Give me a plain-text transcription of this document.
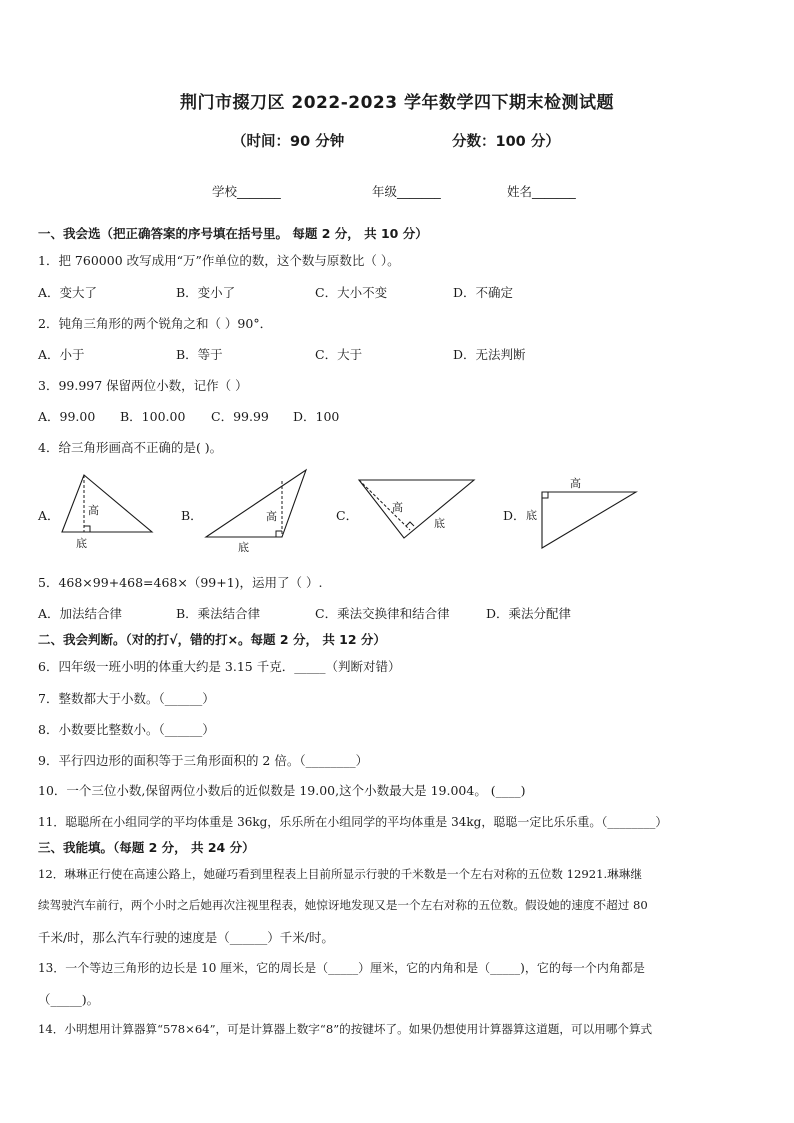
荆门市掇刀区 2022-2023 学年数学四下期末检测试题
（时间：90 分钟	分数：100 分）
学校_______	年级_______	姓名_______
一、我会选（把正确答案的序号填在括号里。 每题 2 分， 共 10 分）
1．把 760000 改写成用“万”作单位的数，这个数与原数比（ ）。
A．变大了	B．变小了	C．大小不变	D．不确定
2．钝角三角形的两个锐角之和（ ）90°．
A．小于	B．等于	C．大于	D．无法判断
3．99.997 保留两位小数，记作（ ）
A．99.00 B．100.00 C．99.99 D．100
4．给三角形画高不正确的是( )。
A．	高
底
B．	高
底
C．
高
底
D．
高
底
5．468×99+468=468×（99+1)，运用了（ ）.
A．加法结合律	B．乘法结合律	C．乘法交换律和结合律	D．乘法分配律
二、我会判断。（对的打√，错的打×。每题 2 分， 共 12 分）
6．四年级一班小明的体重大约是 3.15 千克．_____（判断对错）
7．整数都大于小数。（______）
8．小数要比整数小。（______）
9．平行四边形的面积等于三角形面积的 2 倍。（________）
10．一个三位小数,保留两位小数后的近似数是 19.00,这个小数最大是 19.004。 (____)
11．聪聪所在小组同学的平均体重是 36kg，乐乐所在小组同学的平均体重是 34kg，聪聪一定比乐乐重。（________）
三、我能填。（每题 2 分， 共 24 分）
12．琳琳正行使在高速公路上，她碰巧看到里程表上目前所显示行驶的千米数是一个左右对称的五位数 12921.琳琳继
续驾驶汽车前行，两个小时之后她再次注视里程表，她惊讶地发现又是一个左右对称的五位数。假设她的速度不超过 80
千米/时，那么汽车行驶的速度是（______）千米/时。
13．一个等边三角形的边长是 10 厘米，它的周长是（_____）厘米，它的内角和是（_____)，它的每一个内角都是
（_____)。
14．小明想用计算器算“578×64”，可是计算器上数字“8”的按键坏了。如果仍想使用计算器算这道题，可以用哪个算式
